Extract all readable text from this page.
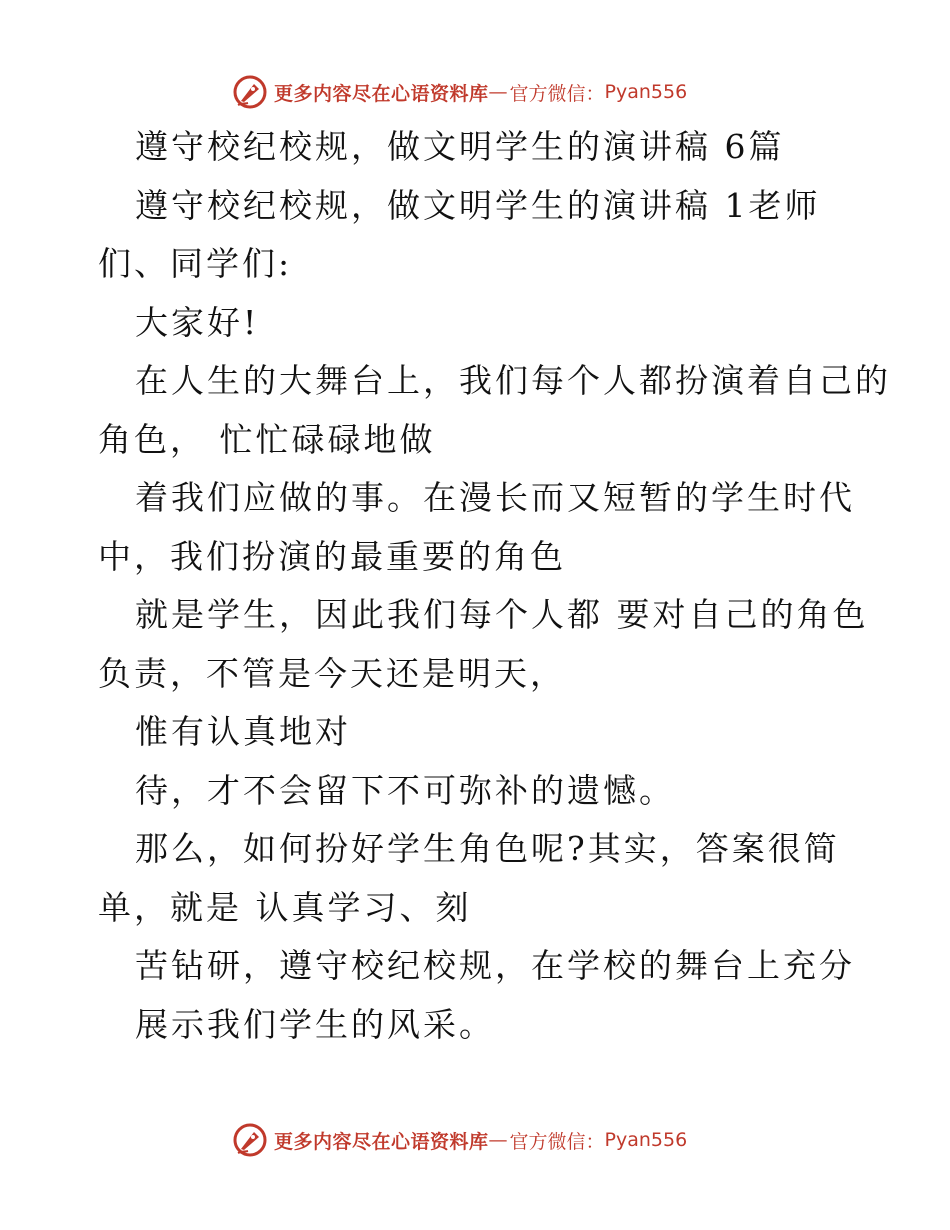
更多内容尽在心语资料库 — 官方微信： Pyan556
遵守校纪校规，做文明学生的演讲稿 6篇
遵守校纪校规，做文明学生的演讲稿 1老师
们、同学们:
大家好!
在人生的大舞台上，我们每个人都扮演着自己的
角色， 忙忙碌碌地做
着我们应做的事。在漫长而又短暂的学生时代
中，我们扮演的最重要的角色
就是学生，因此我们每个人都 要对自己的角色
负责，不管是今天还是明天，
惟有认真地对
待，才不会留下不可弥补的遗憾。
那么，如何扮好学生角色呢?其实，答案很简
单，就是 认真学习、刻
苦钻研，遵守校纪校规，在学校的舞台上充分
展示我们学生的风采。
更多内容尽在心语资料库 — 官方微信： Pyan556
